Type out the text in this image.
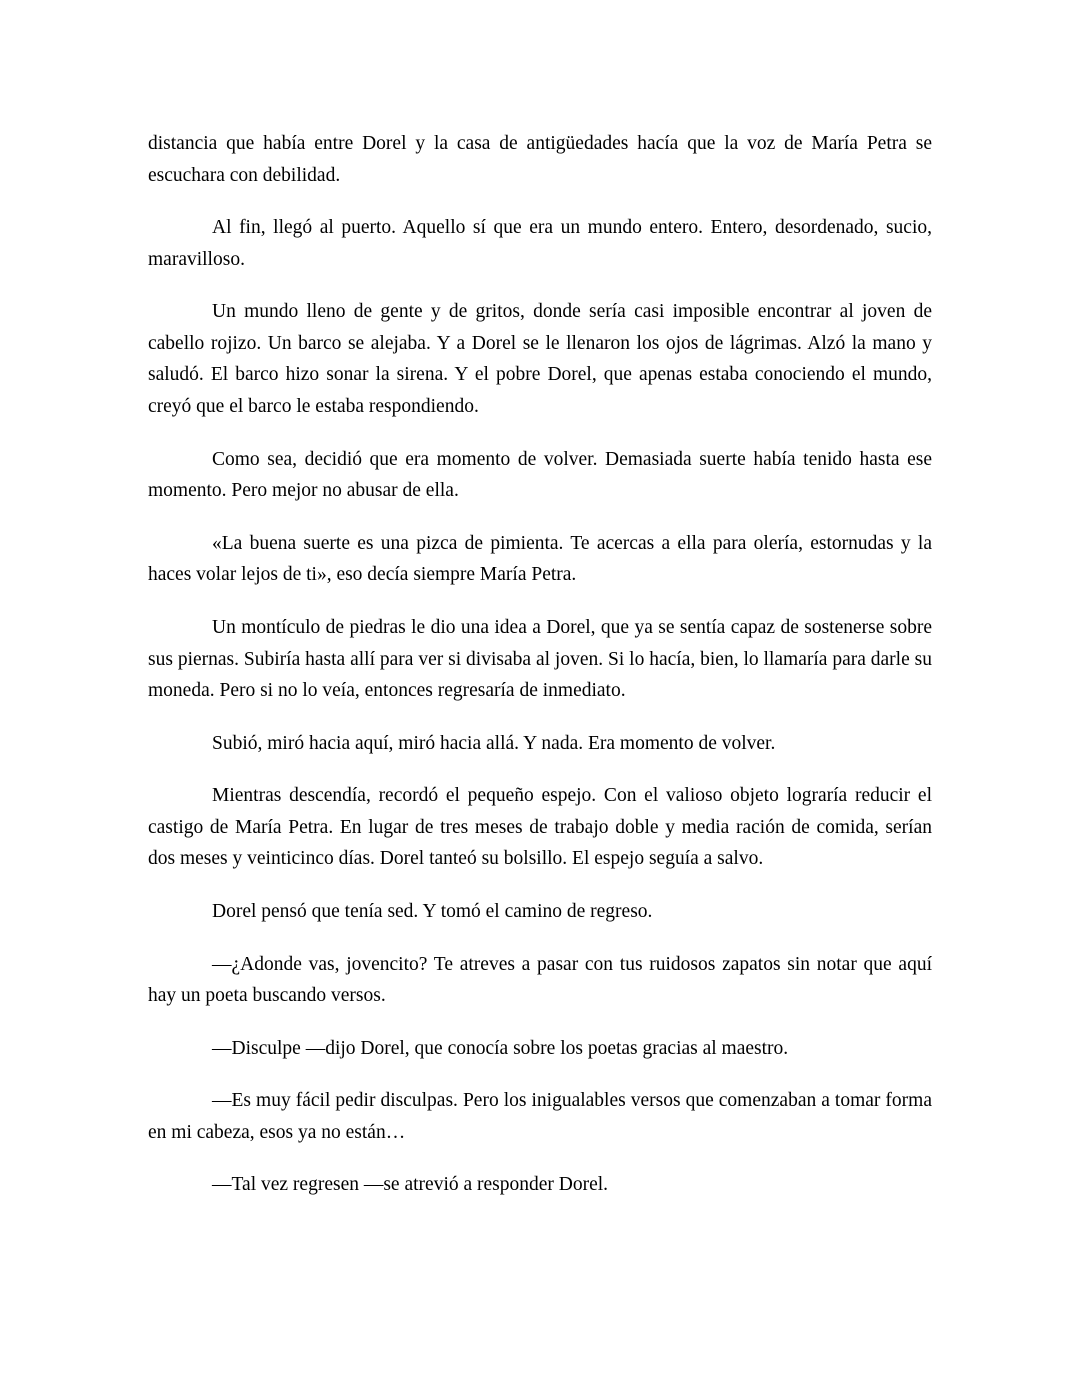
distancia que había entre Dorel y la casa de antigüedades hacía que la voz de María Petra se escuchara con debilidad.

Al fin, llegó al puerto. Aquello sí que era un mundo entero. Entero, desordenado, sucio, maravilloso.

Un mundo lleno de gente y de gritos, donde sería casi imposible encontrar al joven de cabello rojizo. Un barco se alejaba. Y a Dorel se le llenaron los ojos de lágrimas. Alzó la mano y saludó. El barco hizo sonar la sirena. Y el pobre Dorel, que apenas estaba conociendo el mundo, creyó que el barco le estaba respondiendo.

Como sea, decidió que era momento de volver. Demasiada suerte había tenido hasta ese momento. Pero mejor no abusar de ella.

«La buena suerte es una pizca de pimienta. Te acercas a ella para olería, estornudas y la haces volar lejos de ti», eso decía siempre María Petra.

Un montículo de piedras le dio una idea a Dorel, que ya se sentía capaz de sostenerse sobre sus piernas. Subiría hasta allí para ver si divisaba al joven. Si lo hacía, bien, lo llamaría para darle su moneda. Pero si no lo veía, entonces regresaría de inmediato.

Subió, miró hacia aquí, miró hacia allá. Y nada. Era momento de volver.

Mientras descendía, recordó el pequeño espejo. Con el valioso objeto lograría reducir el castigo de María Petra. En lugar de tres meses de trabajo doble y media ración de comida, serían dos meses y veinticinco días. Dorel tanteó su bolsillo. El espejo seguía a salvo.

Dorel pensó que tenía sed. Y tomó el camino de regreso.

—¿Adonde vas, jovencito? Te atreves a pasar con tus ruidosos zapatos sin notar que aquí hay un poeta buscando versos.

—Disculpe —dijo Dorel, que conocía sobre los poetas gracias al maestro.

—Es muy fácil pedir disculpas. Pero los inigualables versos que comenzaban a tomar forma en mi cabeza, esos ya no están…

—Tal vez regresen —se atrevió a responder Dorel.
